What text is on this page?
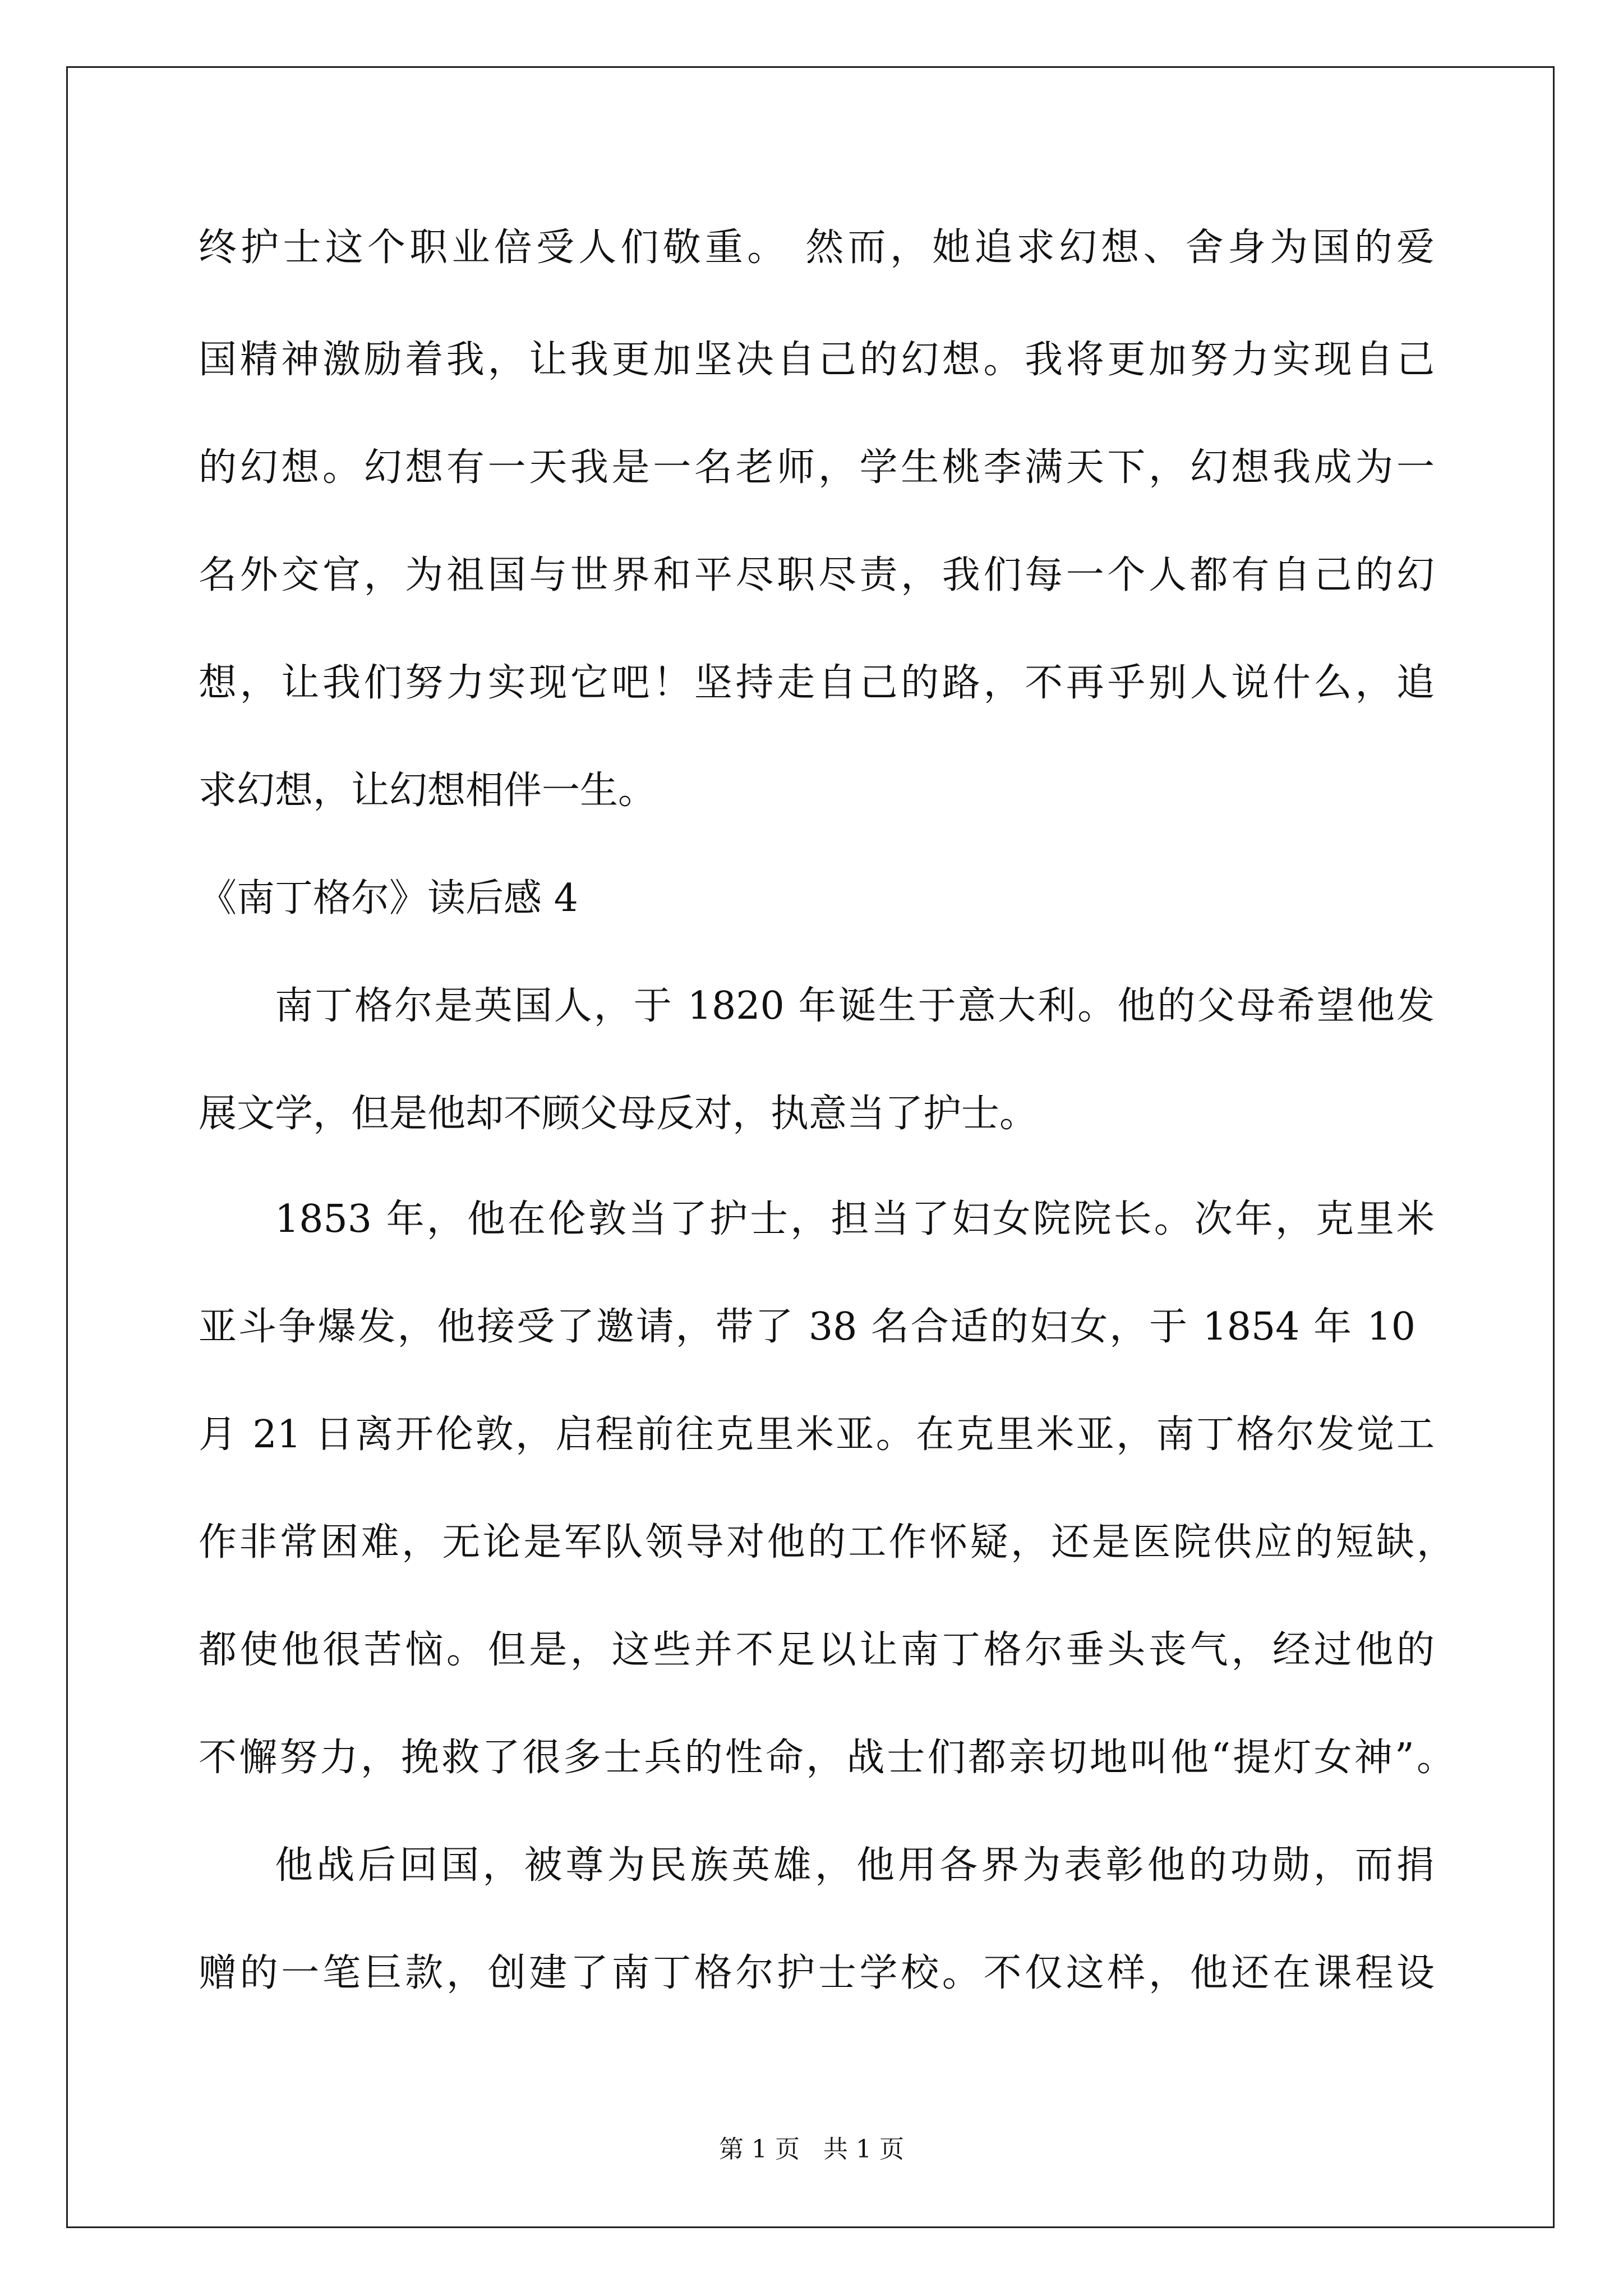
终护士这个职业倍受人们敬重。 然而，她追求幻想、舍身为国的爱
国精神激励着我，让我更加坚决自己的幻想。我将更加努力实现自己
的幻想。幻想有一天我是一名老师，学生桃李满天下，幻想我成为一
名外交官，为祖国与世界和平尽职尽责，我们每一个人都有自己的幻
想，让我们努力实现它吧！坚持走自己的路，不再乎别人说什么，追
求幻想，让幻想相伴一生。
《南丁格尔》读后感 4
南丁格尔是英国人，于 1820 年诞生于意大利。他的父母希望他发
展文学，但是他却不顾父母反对，执意当了护士。
1853 年，他在伦敦当了护士，担当了妇女院院长。次年，克里米
亚斗争爆发，他接受了邀请，带了 38 名合适的妇女，于 1854 年 10
月 21 日离开伦敦，启程前往克里米亚。在克里米亚，南丁格尔发觉工
作非常困难，无论是军队领导对他的工作怀疑，还是医院供应的短缺，
都使他很苦恼。但是，这些并不足以让南丁格尔垂头丧气，经过他的
不懈努力，挽救了很多士兵的性命，战士们都亲切地叫他“提灯女神”。
他战后回国，被尊为民族英雄，他用各界为表彰他的功勋，而捐
赠的一笔巨款，创建了南丁格尔护士学校。不仅这样，他还在课程设
第 1 页   共 1 页
